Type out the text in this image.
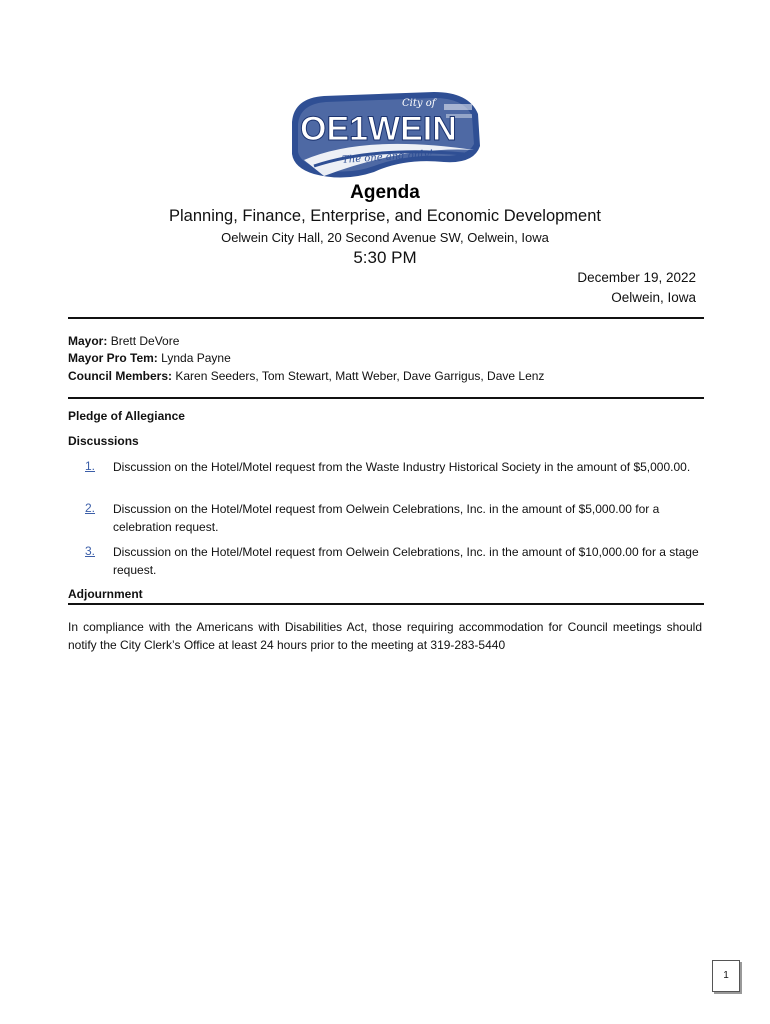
City of
OE1WEIN
The one and only!
Agenda
Planning, Finance, Enterprise, and Economic Development
Oelwein City Hall, 20 Second Avenue SW, Oelwein, Iowa
5:30 PM
December 19, 2022
Oelwein, Iowa
Mayor: Brett DeVore
Mayor Pro Tem: Lynda Payne
Council Members: Karen Seeders, Tom Stewart, Matt Weber, Dave Garrigus, Dave Lenz
Pledge of Allegiance
Discussions
1. Discussion on the Hotel/Motel request from the Waste Industry Historical Society in the amount of $5,000.00.
2. Discussion on the Hotel/Motel request from Oelwein Celebrations, Inc. in the amount of $5,000.00 for a celebration request.
3. Discussion on the Hotel/Motel request from Oelwein Celebrations, Inc. in the amount of $10,000.00 for a stage request.
Adjournment
In compliance with the Americans with Disabilities Act, those requiring accommodation for Council meetings should notify the City Clerk’s Office at least 24 hours prior to the meeting at 319-283-5440
1
